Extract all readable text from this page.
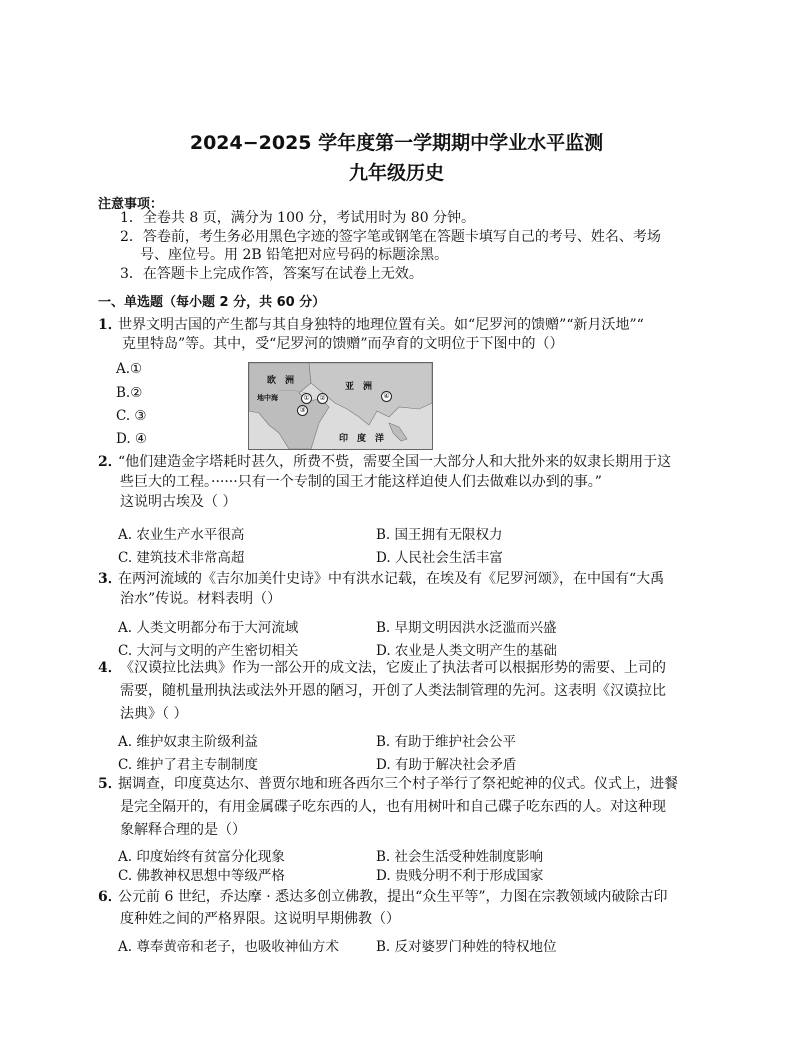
2024−2025 学年度第一学期期中学业水平监测
九年级历史
注意事项：
1．全卷共 8 页，满分为 100 分，考试用时为 80 分钟。
2．答卷前，考生务必用黑色字迹的签字笔或钢笔在答题卡填写自己的考号、姓名、考场
号、座位号。用 2B 铅笔把对应号码的标题涂黑。
3．在答题卡上完成作答，答案写在试卷上无效。
一、单选题（每小题 2 分，共 60 分）
1．
世界文明古国的产生都与其自身独特的地理位置有关。如“尼罗河的馈赠”“新月沃地”“
克里特岛”等。其中，受“尼罗河的馈赠”而孕育的文明位于下图中的（）
A.①
B.②
C. ③
D. ④
欧　洲
亚　洲
地中海
印　度　洋
①	②
③
④
2．
“他们建造金字塔耗时甚久，所费不赀，需要全国一大部分人和大批外来的奴隶长期用于这
些巨大的工程。······只有一个专制的国王才能这样迫使人们去做难以办到的事。”
这说明古埃及（ ）
A. 农业生产水平很高	B. 国王拥有无限权力
C. 建筑技术非常高超	D. 人民社会生活丰富
3．
在两河流域的《吉尔加美什史诗》中有洪水记载，在埃及有《尼罗河颂》，在中国有“大禹
治水”传说。材料表明（）
A. 人类文明都分布于大河流域	B. 早期文明因洪水泛滥而兴盛
C. 大河与文明的产生密切相关	D. 农业是人类文明产生的基础
4．
《汉谟拉比法典》作为一部公开的成文法，它废止了执法者可以根据形势的需要、上司的
需要，随机量刑执法或法外开恩的陋习，开创了人类法制管理的先河。这表明《汉谟拉比
法典》（ ）
A. 维护奴隶主阶级利益	B. 有助于维护社会公平
C. 维护了君主专制制度	D. 有助于解决社会矛盾
5．
据调查，印度莫达尔、普贾尔地和班各西尔三个村子举行了祭祀蛇神的仪式。仪式上，进餐
是完全隔开的，有用金属碟子吃东西的人，也有用树叶和自己碟子吃东西的人。对这种现
象解释合理的是（）
A. 印度始终有贫富分化现象	B. 社会生活受种姓制度影响
C. 佛教神权思想中等级严格	D. 贵贱分明不利于形成国家
6．
公元前 6 世纪，乔达摩 · 悉达多创立佛教，提出“众生平等”，力图在宗教领域内破除古印
度种姓之间的严格界限。这说明早期佛教（）
A. 尊奉黄帝和老子，也吸收神仙方术	B. 反对婆罗门种姓的特权地位
